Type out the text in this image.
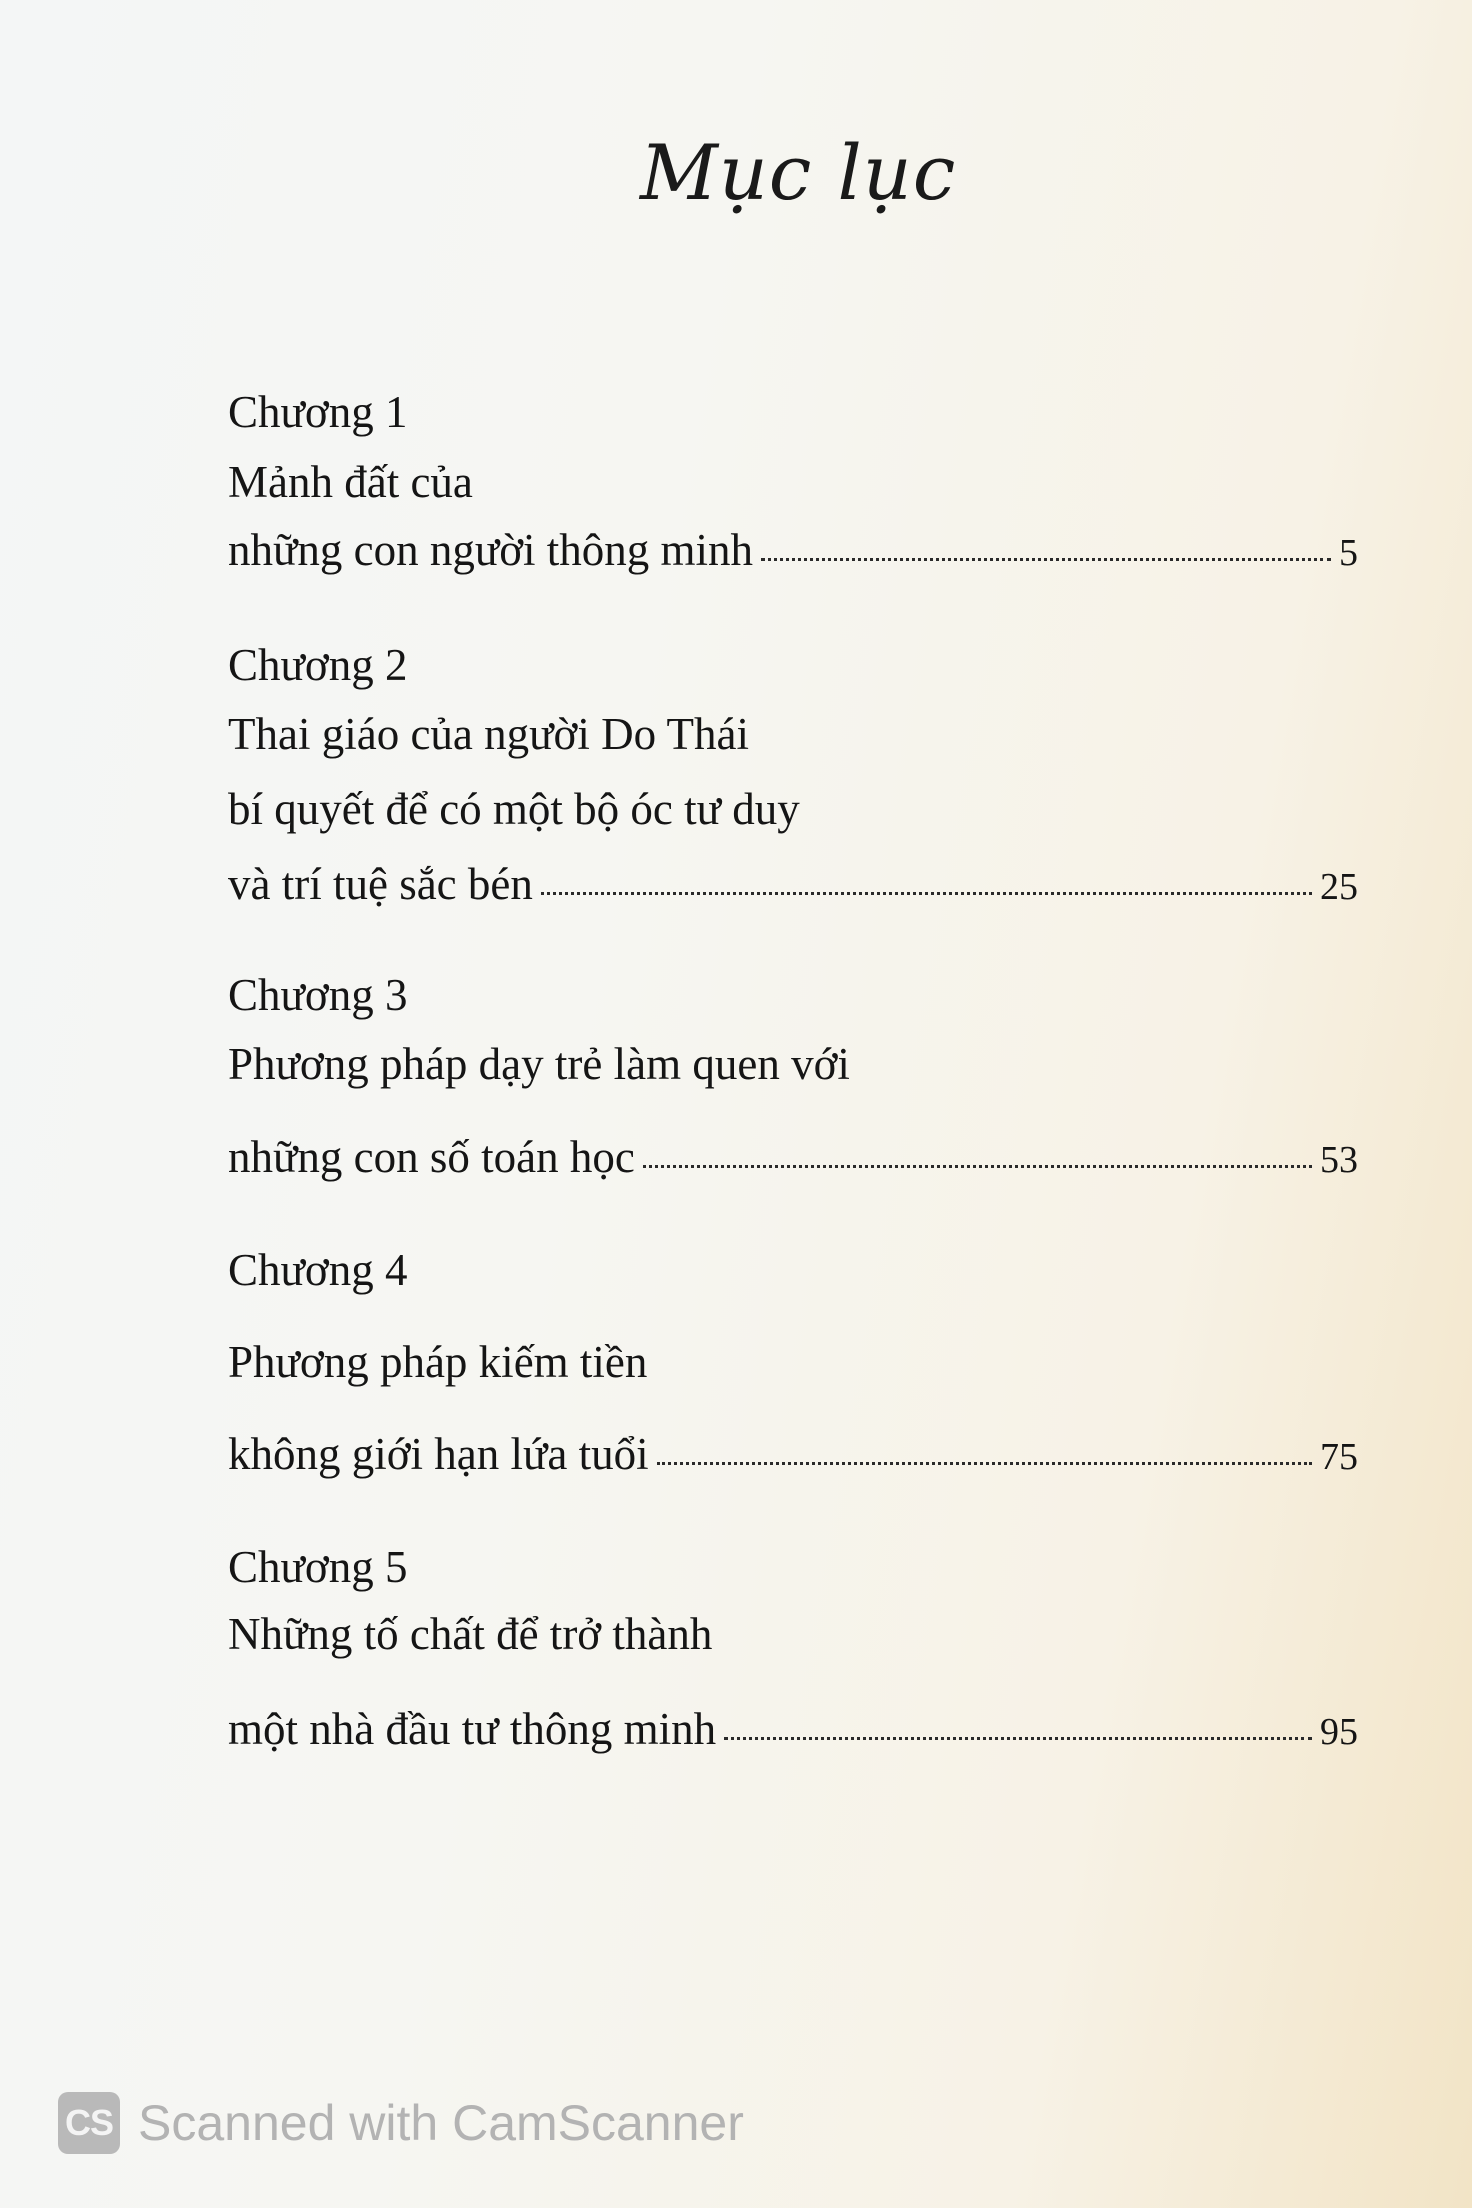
Mục lục
Chương 1
Mảnh đất của
những con người thông minh	5
Chương 2
Thai giáo của người Do Thái
bí quyết để có một bộ óc tư duy
và trí tuệ sắc bén	25
Chương 3
Phương pháp dạy trẻ làm quen với
những con số toán học	53
Chương 4
Phương pháp kiếm tiền
không giới hạn lứa tuổi	75
Chương 5
Những tố chất để trở thành
một nhà đầu tư thông minh	95
CS Scanned with CamScanner
